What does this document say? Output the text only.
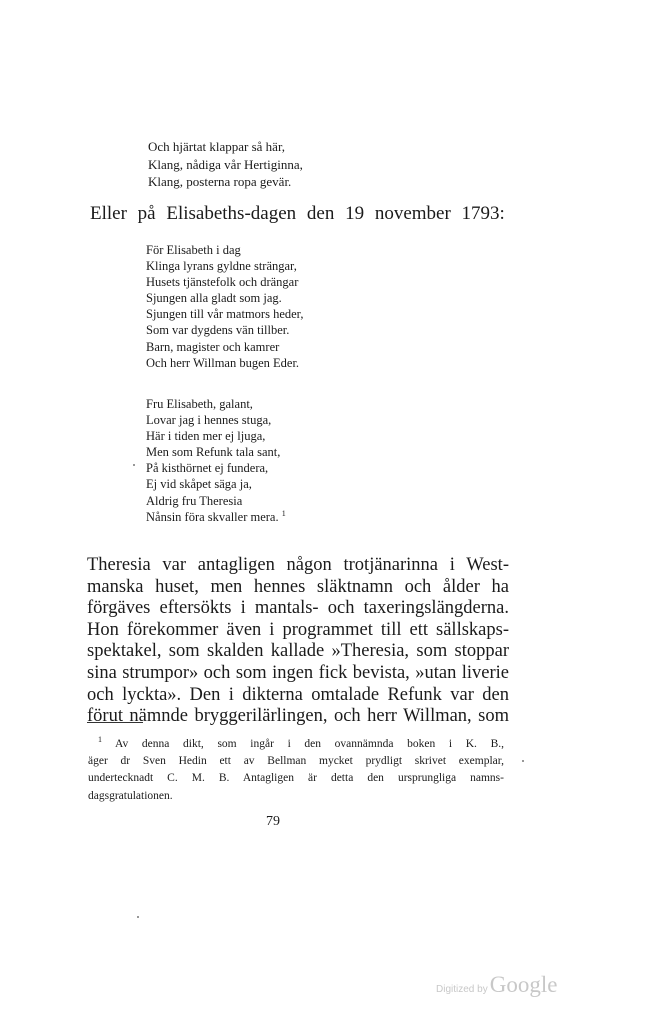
Och hjärtat klappar så här,

Klang, nådiga vår Hertiginna,

Klang, posterna ropa gevär.

Eller på Elisabeths-dagen den 19 november 1793:

För Elisabeth i dag

Klinga lyrans gyldne strängar,

Husets tjänstefolk och drängar

Sjungen alla gladt som jag.

Sjungen till vår matmors heder,

Som var dygdens vän tillber.

Barn, magister och kamrer

Och herr Willman bugen Eder.

Fru Elisabeth, galant,

Lovar jag i hennes stuga,

Här i tiden mer ej ljuga,

Men som Refunk tala sant,

På kisthörnet ej fundera,

Ej vid skåpet säga ja,

Aldrig fru Theresia

Nånsin föra skvaller mera. $^1$

Theresia var antagligen någon trotjänarinna i West-

manska huset, men hennes släktnamn och ålder ha

förgäves eftersökts i mantals- och taxeringslängderna.

Hon förekommer även i programmet till ett sällskaps-

spektakel, som skalden kallade »Theresia, som stoppar

sina strumpor» och som ingen fick bevista, »utan liverie

och lyckta». Den i dikterna omtalade Refunk var den

förut nämnde bryggerilärlingen, och herr Willman, som

$^1$ Av denna dikt, som ingår i den ovannämnda boken i K. B.,

äger dr Sven Hedin ett av Bellman mycket prydligt skrivet exemplar,

undertecknadt C. M. B. Antagligen är detta den ursprungliga namns-

dagsgratulationen.

79
Digitized byGoogle
